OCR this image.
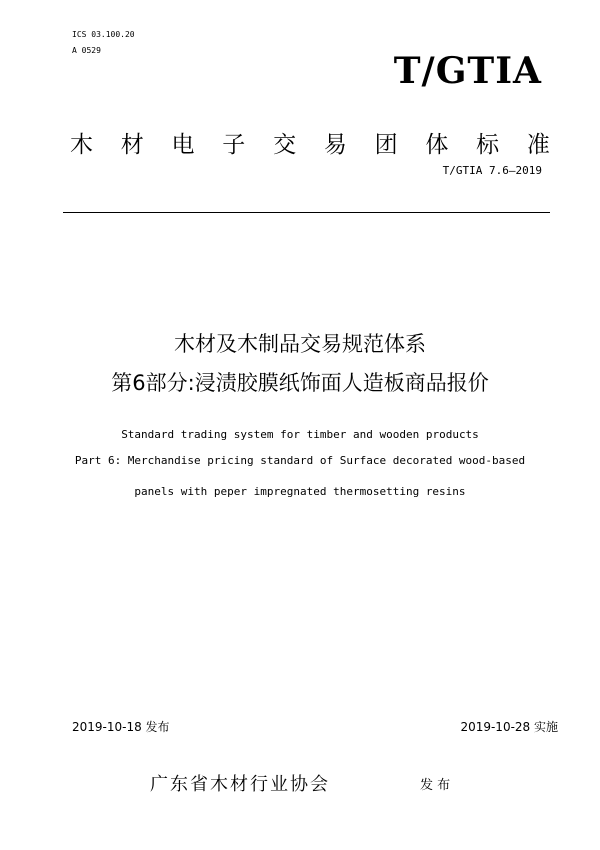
ICS 03.100.20
A 0529	T/GTIA
木 材 电 子 交 易 团 体 标 准
T/GTIA 7.6—2019
木材及木制品交易规范体系
第6部分:浸渍胶膜纸饰面人造板商品报价
Standard trading system for timber and wooden products
Part 6: Merchandise pricing standard of Surface decorated wood-based
panels with peper impregnated thermosetting resins
2019-10-18 发布	2019-10-28 实施
广东省木材行业协会	发 布
